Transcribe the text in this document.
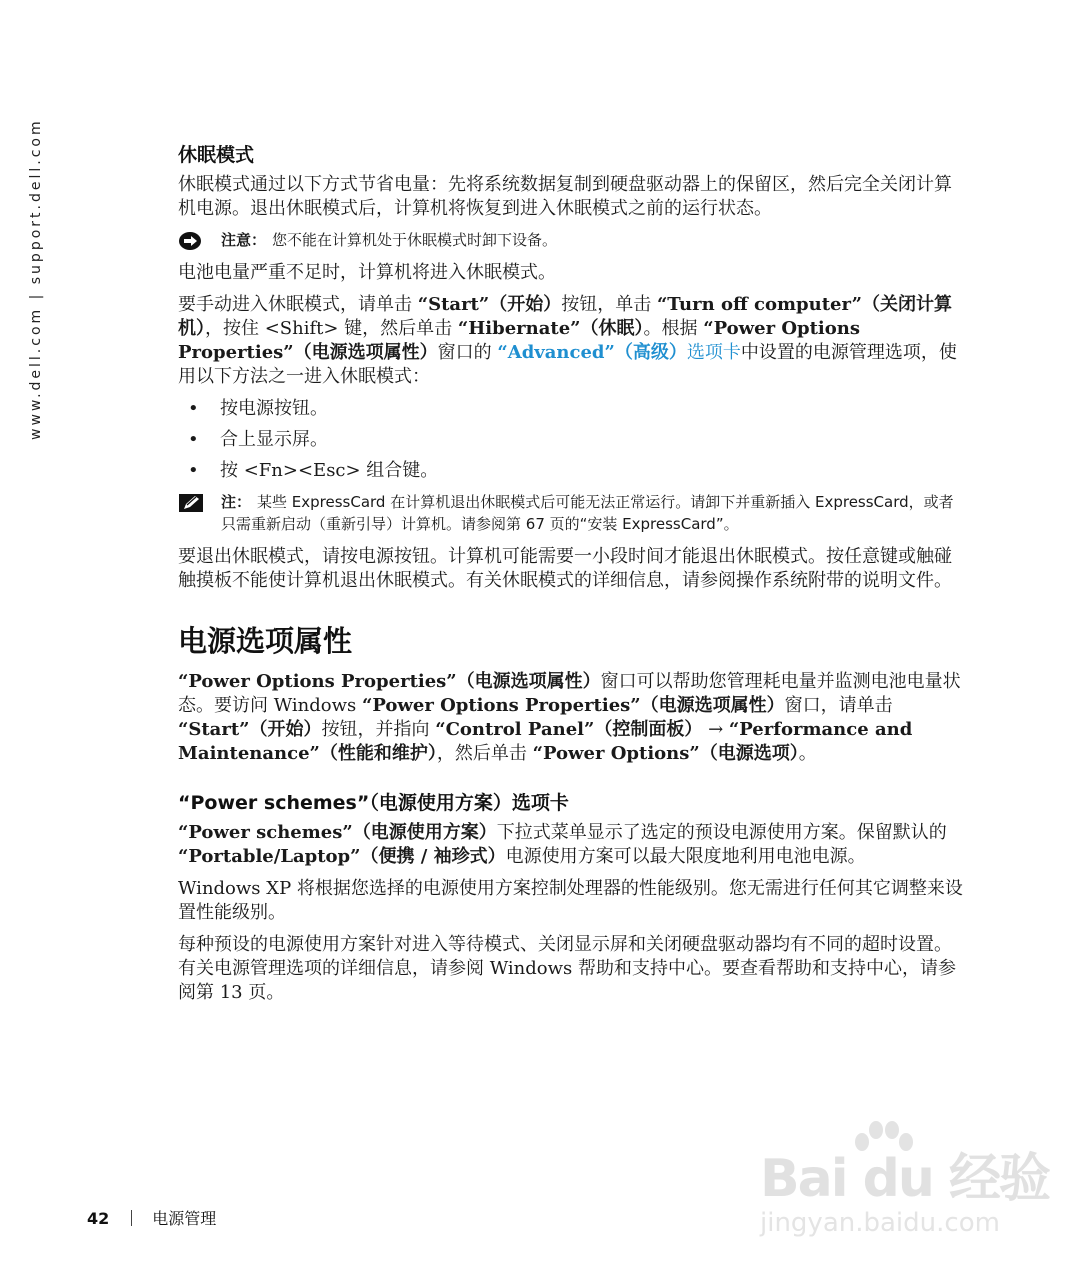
www.dell.com | support.dell.com	休眠模式

休眠模式通过以下方式节省电量：先将系统数据复制到硬盘驱动器上的保留区，然后完全关闭计算机电源。退出休眠模式后，计算机将恢复到进入休眠模式之前的运行状态。

注意： 您不能在计算机处于休眠模式时卸下设备。

电池电量严重不足时，计算机将进入休眠模式。

要手动进入休眠模式，请单击 “Start”（开始）按钮，单击 “Turn off computer”（关闭计算机），按住 <Shift> 键，然后单击 “Hibernate”（休眠）。根据 “Power Options Properties”（电源选项属性）窗口的 “Advanced”（高级）选项卡中设置的电源管理选项，使用以下方法之一进入休眠模式：

• 按电源按钮。
• 合上显示屏。
• 按 <Fn><Esc> 组合键。
注： 某些 ExpressCard 在计算机退出休眠模式后可能无法正常运行。请卸下并重新插入 ExpressCard，或者只需重新启动（重新引导）计算机。请参阅第 67 页的“安装 ExpressCard”。

要退出休眠模式，请按电源按钮。计算机可能需要一小段时间才能退出休眠模式。按任意键或触碰触摸板不能使计算机退出休眠模式。有关休眠模式的详细信息，请参阅操作系统附带的说明文件。

电源选项属性

“Power Options Properties”（电源选项属性）窗口可以帮助您管理耗电量并监测电池电量状态。要访问 Windows “Power Options Properties”（电源选项属性）窗口，请单击 “Start”（开始）按钮，并指向 “Control Panel”（控制面板） → “Performance and Maintenance”（性能和维护），然后单击 “Power Options”（电源选项）。

“Power schemes”（电源使用方案）选项卡

“Power schemes”（电源使用方案）下拉式菜单显示了选定的预设电源使用方案。保留默认的 “Portable/Laptop”（便携 / 袖珍式）电源使用方案可以最大限度地利用电池电源。

Windows XP 将根据您选择的电源使用方案控制处理器的性能级别。您无需进行任何其它调整来设置性能级别。

每种预设的电源使用方案针对进入等待模式、关闭显示屏和关闭硬盘驱动器均有不同的超时设置。有关电源管理选项的详细信息，请参阅 Windows 帮助和支持中心。要查看帮助和支持中心，请参阅第 13 页。

42	电源管理
Bai du 经验
jingyan.baidu.com
